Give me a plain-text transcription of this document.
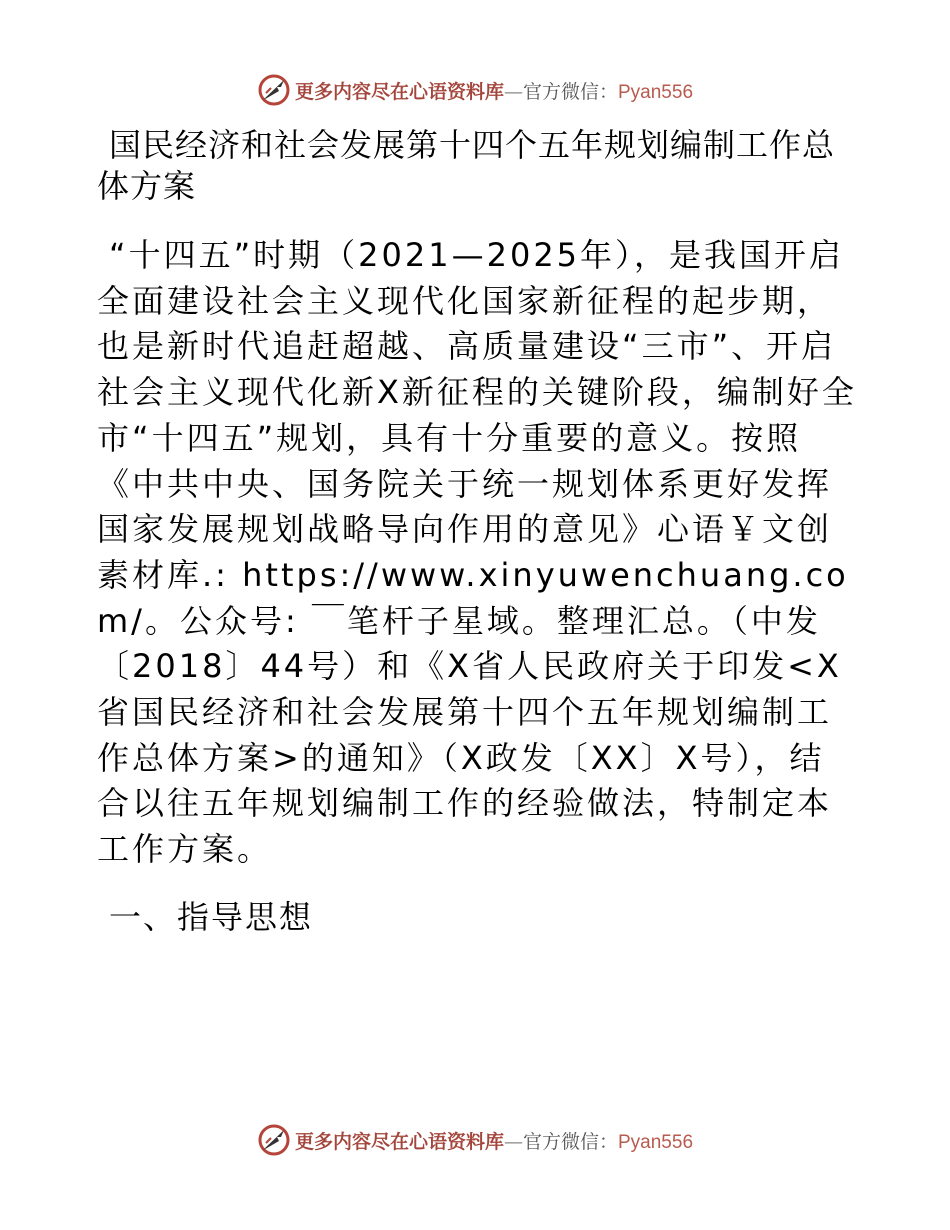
更多内容尽在心语资料库—官方微信：Pyan556
国民经济和社会发展第十四个五年规划编制工作总体方案

“十四五”时期（2021—2025年），是我国开启全面建设社会主义现代化国家新征程的起步期，也是新时代追赶超越、高质量建设“三市”、开启社会主义现代化新X新征程的关键阶段，编制好全市“十四五”规划，具有十分重要的意义。按照《中共中央、国务院关于统一规划体系更好发挥国家发展规划战略导向作用的意见》心语￥文创素材库.: https://www.xinyuwenchuang.com/。公众号: ￣笔杆子星域。整理汇总。（中发〔2018〕44号）和《X省人民政府关于印发<X省国民经济和社会发展第十四个五年规划编制工作总体方案>的通知》（X政发〔XX〕X号），结合以往五年规划编制工作的经验做法，特制定本工作方案。

一、指导思想
更多内容尽在心语资料库—官方微信：Pyan556
